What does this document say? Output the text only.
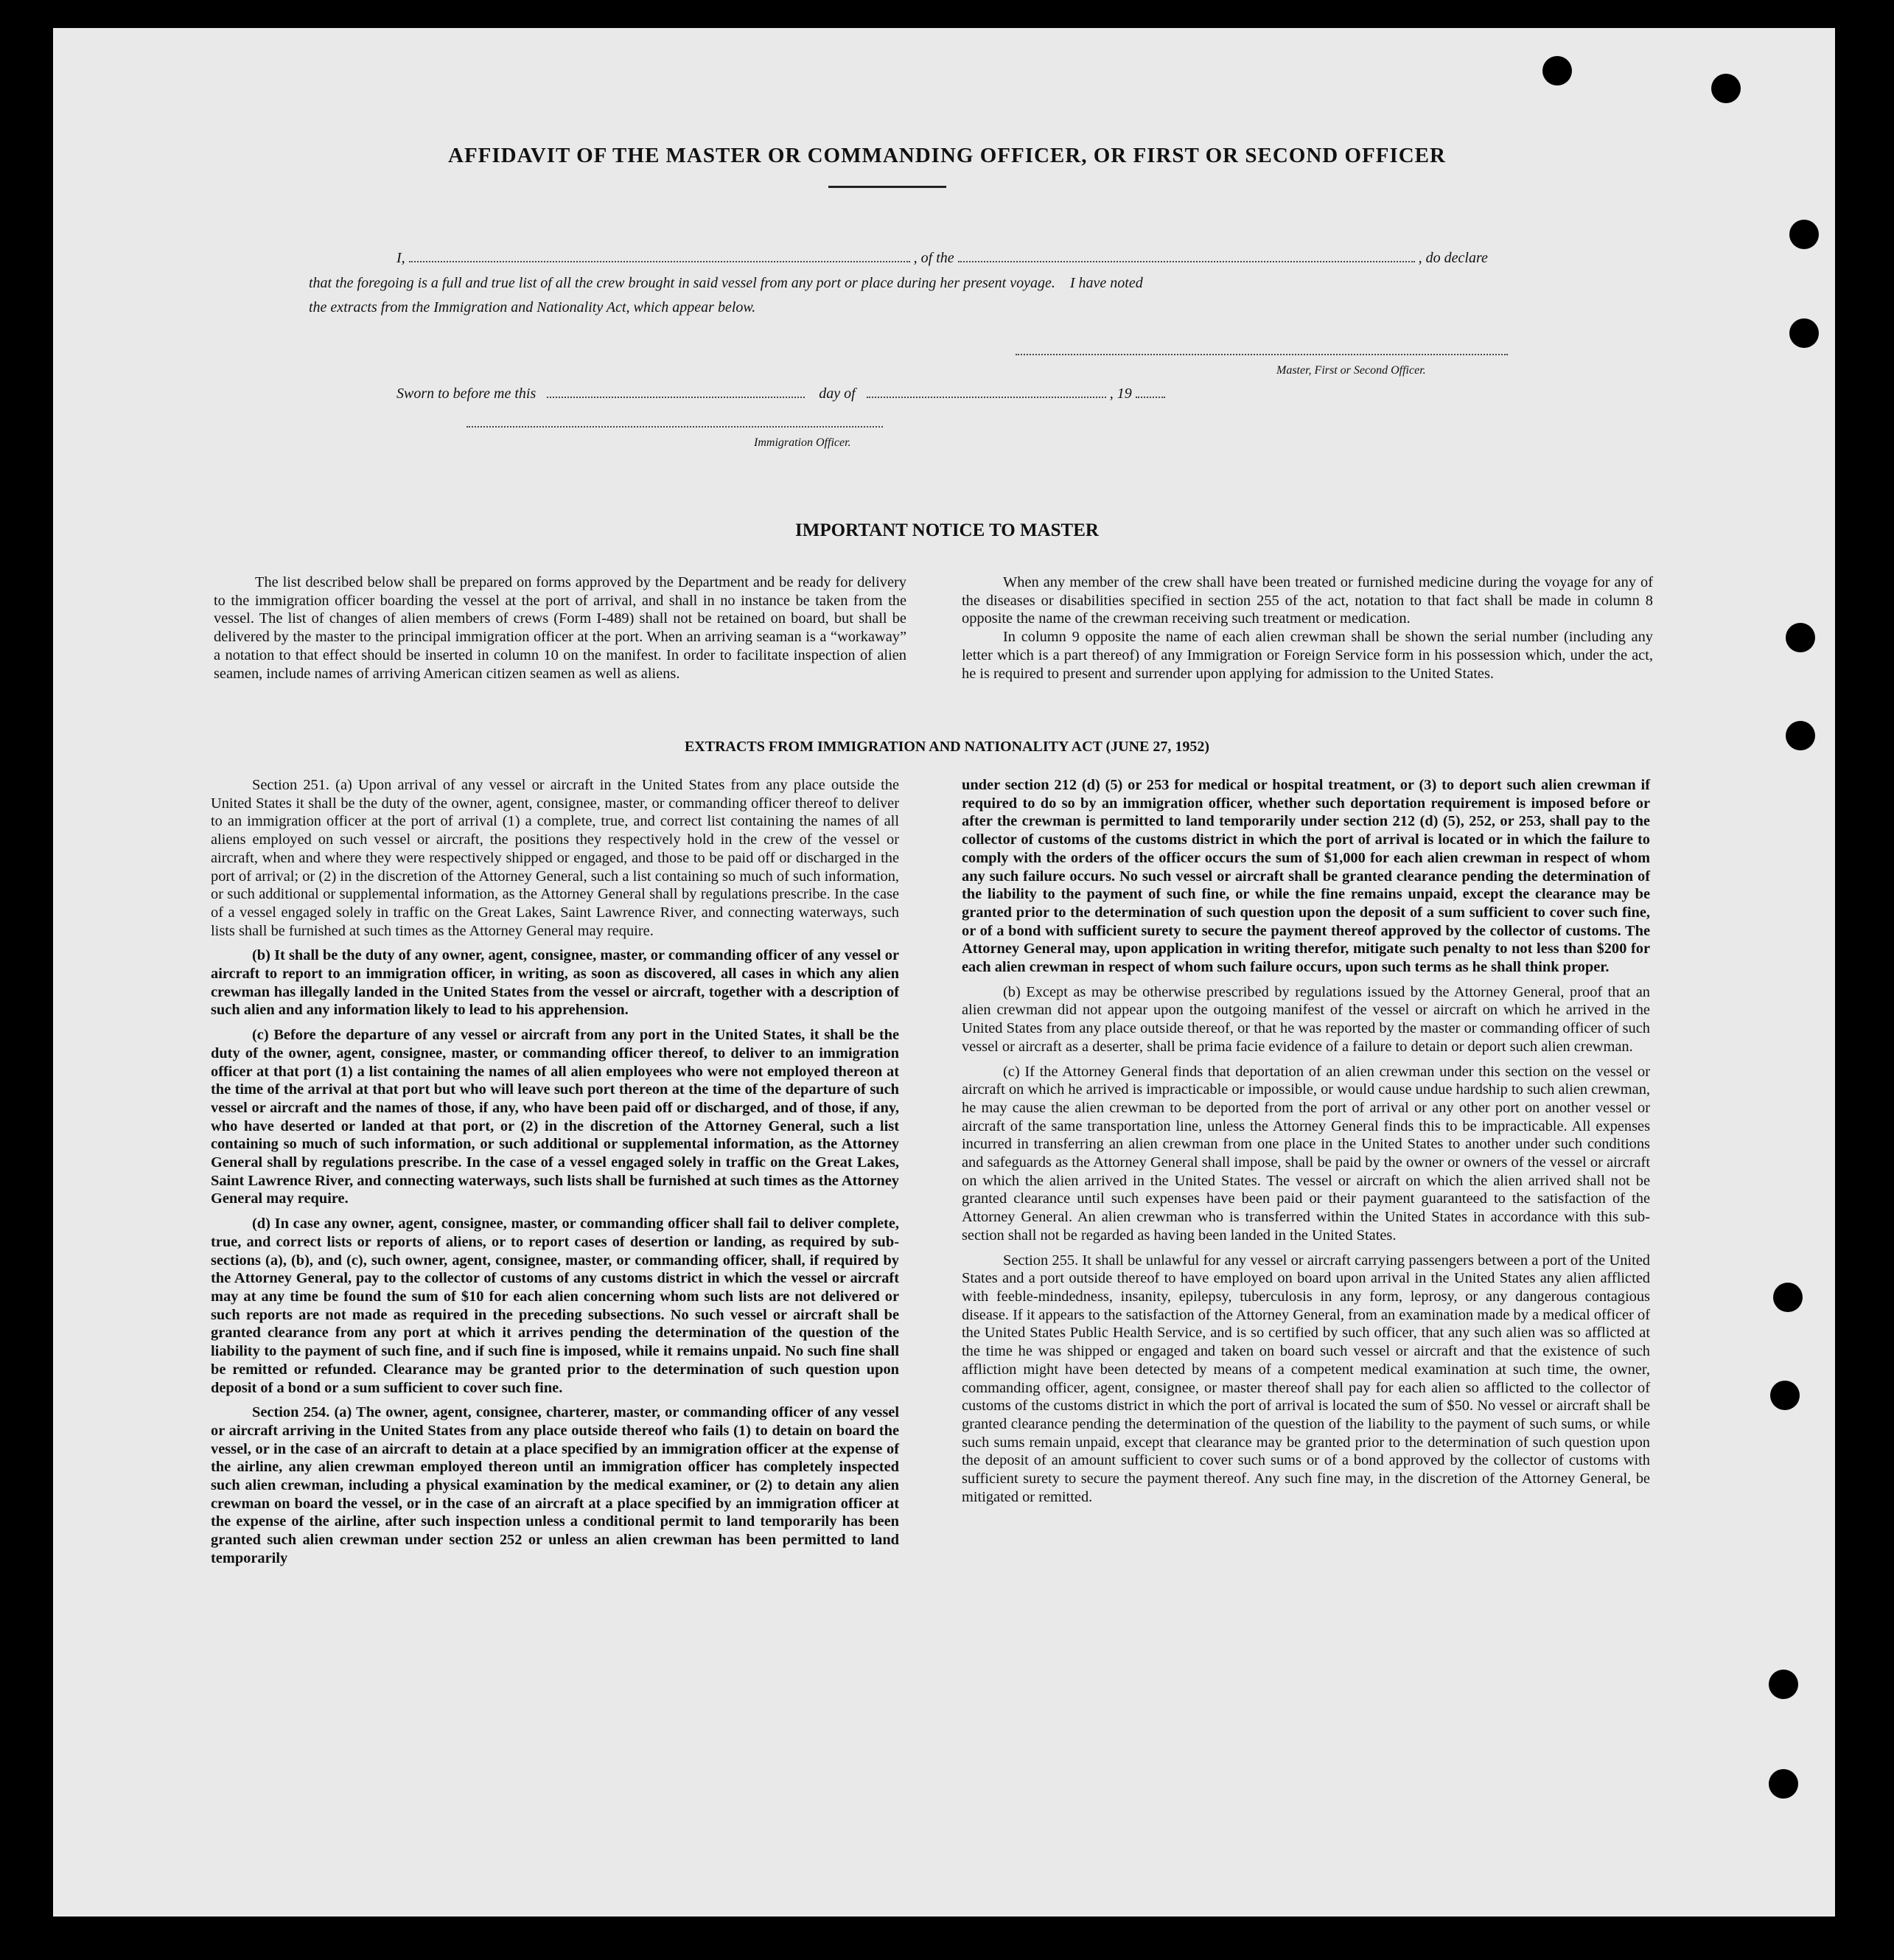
AFFIDAVIT OF THE MASTER OR COMMANDING OFFICER, OR FIRST OR SECOND OFFICER
I,	, of the	, do declare
that the foregoing is a full and true list of all the crew brought in said vessel from any port or place during her present voyage.    I have noted
the extracts from the Immigration and Nationality Act, which appear below.
Master, First or Second Officer.
Sworn to before me this	day of	, 19
Immigration Officer.
IMPORTANT NOTICE TO MASTER

The list described below shall be prepared on forms approved by the Department and be ready for delivery to the immigration officer boarding the vessel at the port of arrival, and shall in no instance be taken from the vessel. The list of changes of alien members of crews (Form I-489) shall not be retained on board, but shall be delivered by the master to the principal immigration officer at the port. When an arriving seaman is a “workaway” a notation to that effect should be inserted in column 10 on the manifest. In order to facilitate inspection of alien seamen, include names of arriving American citizen seamen as well as aliens.

When any member of the crew shall have been treated or furnished medicine during the voyage for any of the diseases or disabilities specified in section 255 of the act, notation to that fact shall be made in column 8 opposite the name of the crewman receiving such treatment or medication.

In column 9 opposite the name of each alien crewman shall be shown the serial number (including any letter which is a part thereof) of any Immigration or Foreign Service form in his possession which, under the act, he is required to present and surrender upon applying for admission to the United States.

EXTRACTS FROM IMMIGRATION AND NATIONALITY ACT (JUNE 27, 1952)

Section 251. (a) Upon arrival of any vessel or aircraft in the United States from any place outside the United States it shall be the duty of the owner, agent, consignee, master, or commanding officer thereof to deliver to an immigration officer at the port of arrival (1) a complete, true, and correct list containing the names of all aliens employed on such vessel or aircraft, the positions they respectively hold in the crew of the vessel or aircraft, when and where they were respectively shipped or engaged, and those to be paid off or discharged in the port of arrival; or (2) in the discretion of the Attorney General, such a list containing so much of such information, or such additional or supplemental information, as the Attorney General shall by regulations prescribe. In the case of a vessel engaged solely in traffic on the Great Lakes, Saint Lawrence River, and connecting waterways, such lists shall be furnished at such times as the Attorney General may require.

(b) It shall be the duty of any owner, agent, consignee, master, or commanding officer of any vessel or aircraft to report to an immigration officer, in writing, as soon as discovered, all cases in which any alien crewman has illegally landed in the United States from the vessel or aircraft, together with a description of such alien and any information likely to lead to his apprehension.

(c) Before the departure of any vessel or aircraft from any port in the United States, it shall be the duty of the owner, agent, consignee, master, or commanding officer thereof, to deliver to an immigration officer at that port (1) a list containing the names of all alien employees who were not employed thereon at the time of the arrival at that port but who will leave such port thereon at the time of the departure of such vessel or aircraft and the names of those, if any, who have been paid off or discharged, and of those, if any, who have deserted or landed at that port, or (2) in the discretion of the Attorney General, such a list containing so much of such information, or such additional or supplemental information, as the Attorney General shall by regulations prescribe. In the case of a vessel engaged solely in traffic on the Great Lakes, Saint Lawrence River, and connecting waterways, such lists shall be furnished at such times as the Attorney General may require.

(d) In case any owner, agent, consignee, master, or commanding officer shall fail to deliver complete, true, and correct lists or reports of aliens, or to report cases of desertion or landing, as required by sub-sections (a), (b), and (c), such owner, agent, consignee, master, or commanding officer, shall, if required by the Attorney General, pay to the collector of customs of any customs district in which the vessel or aircraft may at any time be found the sum of $10 for each alien concerning whom such lists are not delivered or such reports are not made as required in the preceding subsections. No such vessel or aircraft shall be granted clearance from any port at which it arrives pending the determination of the question of the liability to the payment of such fine, and if such fine is imposed, while it remains unpaid. No such fine shall be remitted or refunded. Clearance may be granted prior to the determination of such question upon deposit of a bond or a sum sufficient to cover such fine.

Section 254. (a) The owner, agent, consignee, charterer, master, or commanding officer of any vessel or aircraft arriving in the United States from any place outside thereof who fails (1) to detain on board the vessel, or in the case of an aircraft to detain at a place specified by an immigration officer at the expense of the airline, any alien crewman employed thereon until an immigration officer has completely inspected such alien crewman, including a physical examination by the medical examiner, or (2) to detain any alien crewman on board the vessel, or in the case of an aircraft at a place specified by an immigration officer at the expense of the airline, after such inspection unless a conditional permit to land temporarily has been granted such alien crewman under section 252 or unless an alien crewman has been permitted to land temporarily

under section 212 (d) (5) or 253 for medical or hospital treatment, or (3) to deport such alien crewman if required to do so by an immigration officer, whether such deportation requirement is imposed before or after the crewman is permitted to land temporarily under section 212 (d) (5), 252, or 253, shall pay to the collector of customs of the customs district in which the port of arrival is located or in which the failure to comply with the orders of the officer occurs the sum of $1,000 for each alien crewman in respect of whom any such failure occurs. No such vessel or aircraft shall be granted clearance pending the determination of the liability to the payment of such fine, or while the fine remains unpaid, except the clearance may be granted prior to the determination of such question upon the deposit of a sum sufficient to cover such fine, or of a bond with sufficient surety to secure the payment thereof approved by the collector of customs. The Attorney General may, upon application in writing therefor, mitigate such penalty to not less than $200 for each alien crewman in respect of whom such failure occurs, upon such terms as he shall think proper.

(b) Except as may be otherwise prescribed by regulations issued by the Attorney General, proof that an alien crewman did not appear upon the outgoing manifest of the vessel or aircraft on which he arrived in the United States from any place outside thereof, or that he was reported by the master or commanding officer of such vessel or aircraft as a deserter, shall be prima facie evidence of a failure to detain or deport such alien crewman.

(c) If the Attorney General finds that deportation of an alien crewman under this section on the vessel or aircraft on which he arrived is impracticable or impossible, or would cause undue hardship to such alien crewman, he may cause the alien crewman to be deported from the port of arrival or any other port on another vessel or aircraft of the same transportation line, unless the Attorney General finds this to be impracticable. All expenses incurred in transferring an alien crewman from one place in the United States to another under such conditions and safeguards as the Attorney General shall impose, shall be paid by the owner or owners of the vessel or aircraft on which the alien arrived in the United States. The vessel or aircraft on which the alien arrived shall not be granted clearance until such expenses have been paid or their payment guaranteed to the satisfaction of the Attorney General. An alien crewman who is transferred within the United States in accordance with this sub-section shall not be regarded as having been landed in the United States.

Section 255. It shall be unlawful for any vessel or aircraft carrying passengers between a port of the United States and a port outside thereof to have employed on board upon arrival in the United States any alien afflicted with feeble-mindedness, insanity, epilepsy, tuberculosis in any form, leprosy, or any dangerous contagious disease. If it appears to the satisfaction of the Attorney General, from an examination made by a medical officer of the United States Public Health Service, and is so certified by such officer, that any such alien was so afflicted at the time he was shipped or engaged and taken on board such vessel or aircraft and that the existence of such affliction might have been detected by means of a competent medical examination at such time, the owner, commanding officer, agent, consignee, or master thereof shall pay for each alien so afflicted to the collector of customs of the customs district in which the port of arrival is located the sum of $50. No vessel or aircraft shall be granted clearance pending the determination of the question of the liability to the payment of such sums, or while such sums remain unpaid, except that clearance may be granted prior to the determination of such question upon the deposit of an amount sufficient to cover such sums or of a bond approved by the collector of customs with sufficient surety to secure the payment thereof. Any such fine may, in the discretion of the Attorney General, be mitigated or remitted.
